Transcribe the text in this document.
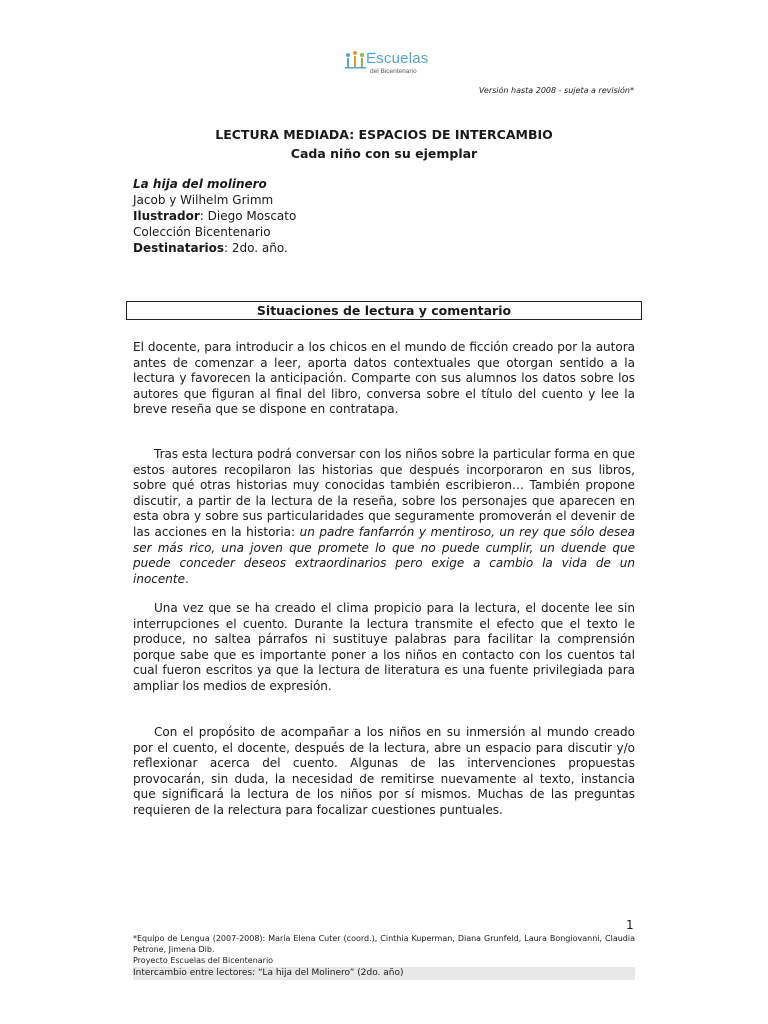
Escuelas
del Bicentenario
Versión hasta 2008 - sujeta a revisión*
LECTURA MEDIADA: ESPACIOS DE INTERCAMBIO
Cada niño con su ejemplar
La hija del molinero
Jacob y Wilhelm Grimm
Ilustrador: Diego Moscato
Colección Bicentenario
Destinatarios: 2do. año.
Situaciones de lectura y comentario
El docente, para introducir a los chicos en el mundo de ficción creado por la autora antes de comenzar a leer, aporta datos contextuales que otorgan sentido a la lectura y favorecen la anticipación. Comparte con sus alumnos los datos sobre los autores que figuran al final del libro, conversa sobre el título del cuento y lee la breve reseña que se dispone en contratapa.
Tras esta lectura podrá conversar con los niños sobre la particular forma en que estos autores recopilaron las historias que después incorporaron en sus libros, sobre qué otras historias muy conocidas también escribieron… También propone discutir, a partir de la lectura de la reseña, sobre los personajes que aparecen en esta obra y sobre sus particularidades que seguramente promoverán el devenir de las acciones en la historia: un padre fanfarrón y mentiroso, un rey que sólo desea ser más rico, una joven que promete lo que no puede cumplir, un duende que puede conceder deseos extraordinarios pero exige a cambio la vida de un inocente.
Una vez que se ha creado el clima propicio para la lectura, el docente lee sin interrupciones el cuento. Durante la lectura transmite el efecto que el texto le produce, no saltea párrafos ni sustituye palabras para facilitar la comprensión porque sabe que es importante poner a los niños en contacto con los cuentos tal cual fueron escritos ya que la lectura de literatura es una fuente privilegiada para ampliar los medios de expresión.
Con el propósito de acompañar a los niños en su inmersión al mundo creado por el cuento, el docente, después de la lectura, abre un espacio para discutir y/o reflexionar acerca del cuento. Algunas de las intervenciones propuestas provocarán, sin duda, la necesidad de remitirse nuevamente al texto, instancia que significará la lectura de los niños por sí mismos. Muchas de las preguntas requieren de la relectura para focalizar cuestiones puntuales.
1
*Equipo de Lengua (2007-2008): María Elena Cuter (coord.), Cinthia Kuperman, Diana Grunfeld, Laura Bongiovanni, Claudia Petrone, Jimena Dib.
Proyecto Escuelas del Bicentenario
Intercambio entre lectores: “La hija del Molinero” (2do. año)
